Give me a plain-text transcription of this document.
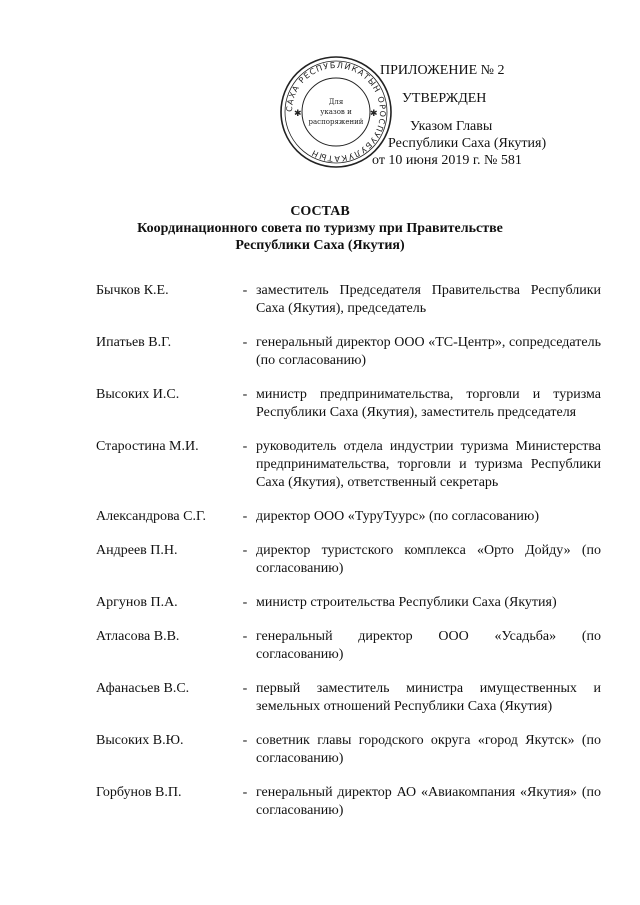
САХА РЕСПУБЛИКАТЫН ОРОСПУУБУЛУКАТЫН
Для
указов и
распоряжений
✱	✱
ПРИЛОЖЕНИЕ № 2
УТВЕРЖДЕН
Указом Главы
Республики Саха (Якутия)
от 10 июня 2019 г. № 581
СОСТАВ
Координационного совета по туризму при Правительстве
Республики Саха (Якутия)
Бычков К.Е.	- заместитель Председателя Правительства Республики Саха (Якутия), председатель
Ипатьев В.Г.	- генеральный директор ООО «ТС-Центр», сопредседатель (по согласованию)
Высоких И.С.	- министр предпринимательства, торговли и туризма Республики Саха (Якутия), заместитель председателя
Старостина М.И.	- руководитель отдела индустрии туризма Министерства предпринимательства, торговли и туризма Республики Саха (Якутия), ответственный секретарь
Александрова С.Г.	- директор ООО «ТуруТуурс» (по согласованию)
Андреев П.Н.	- директор туристского комплекса «Орто Дойду» (по согласованию)
Аргунов П.А.	- министр строительства Республики Саха (Якутия)
Атласова В.В.	- генеральный директор ООО «Усадьба» (по согласованию)
Афанасьев В.С.	- первый заместитель министра имущественных и земельных отношений Республики Саха (Якутия)
Высоких В.Ю.	- советник главы городского округа «город Якутск» (по согласованию)
Горбунов В.П.	- генеральный директор АО «Авиакомпания «Якутия» (по согласованию)
